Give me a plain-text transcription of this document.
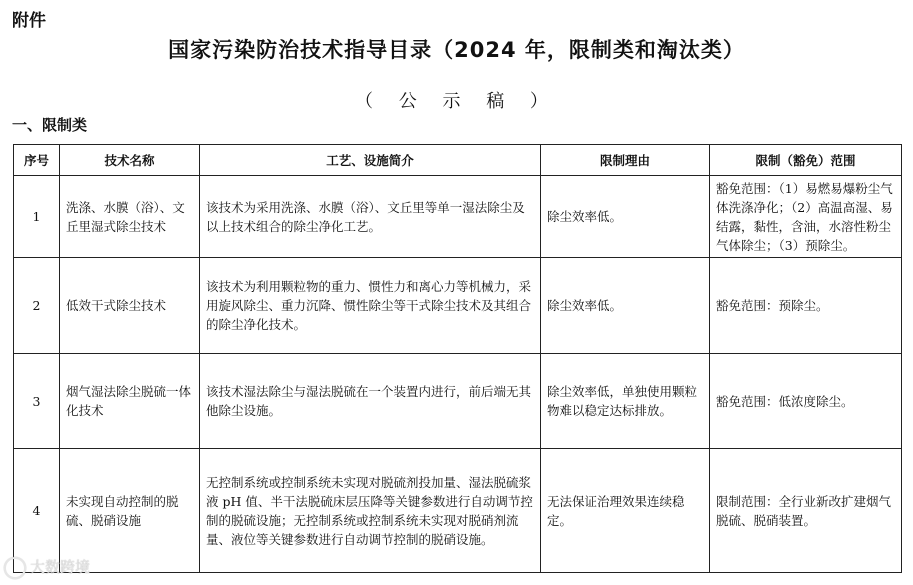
附件
国家污染防治技术指导目录（2024 年，限制类和淘汰类）
（ 公 示 稿 ）
一、限制类
序号	技术名称	工艺、设施简介	限制理由	限制（豁免）范围
1	洗涤、水膜（浴）、文丘里湿式除尘技术	该技术为采用洗涤、水膜（浴）、文丘里等单一湿法除尘及以上技术组合的除尘净化工艺。	除尘效率低。	豁免范围：（1）易燃易爆粉尘气体洗涤净化；（2）高温高湿、易结露，黏性，含油，水溶性粉尘气体除尘；（3）预除尘。
2	低效干式除尘技术	该技术为利用颗粒物的重力、惯性力和离心力等机械力，采用旋风除尘、重力沉降、惯性除尘等干式除尘技术及其组合的除尘净化技术。	除尘效率低。	豁免范围：预除尘。
3	烟气湿法除尘脱硫一体化技术	该技术湿法除尘与湿法脱硫在一个装置内进行，前后端无其他除尘设施。	除尘效率低，单独使用颗粒物难以稳定达标排放。	豁免范围：低浓度除尘。
4	未实现自动控制的脱硫、脱硝设施	无控制系统或控制系统未实现对脱硫剂投加量、湿法脱硫浆液 pH 值、半干法脱硫床层压降等关键参数进行自动调节控制的脱硫设施；无控制系统或控制系统未实现对脱硝剂流量、液位等关键参数进行自动调节控制的脱硝设施。	无法保证治理效果连续稳定。	限制范围：全行业新改扩建烟气脱硫、脱硝装置。
大数跨境
